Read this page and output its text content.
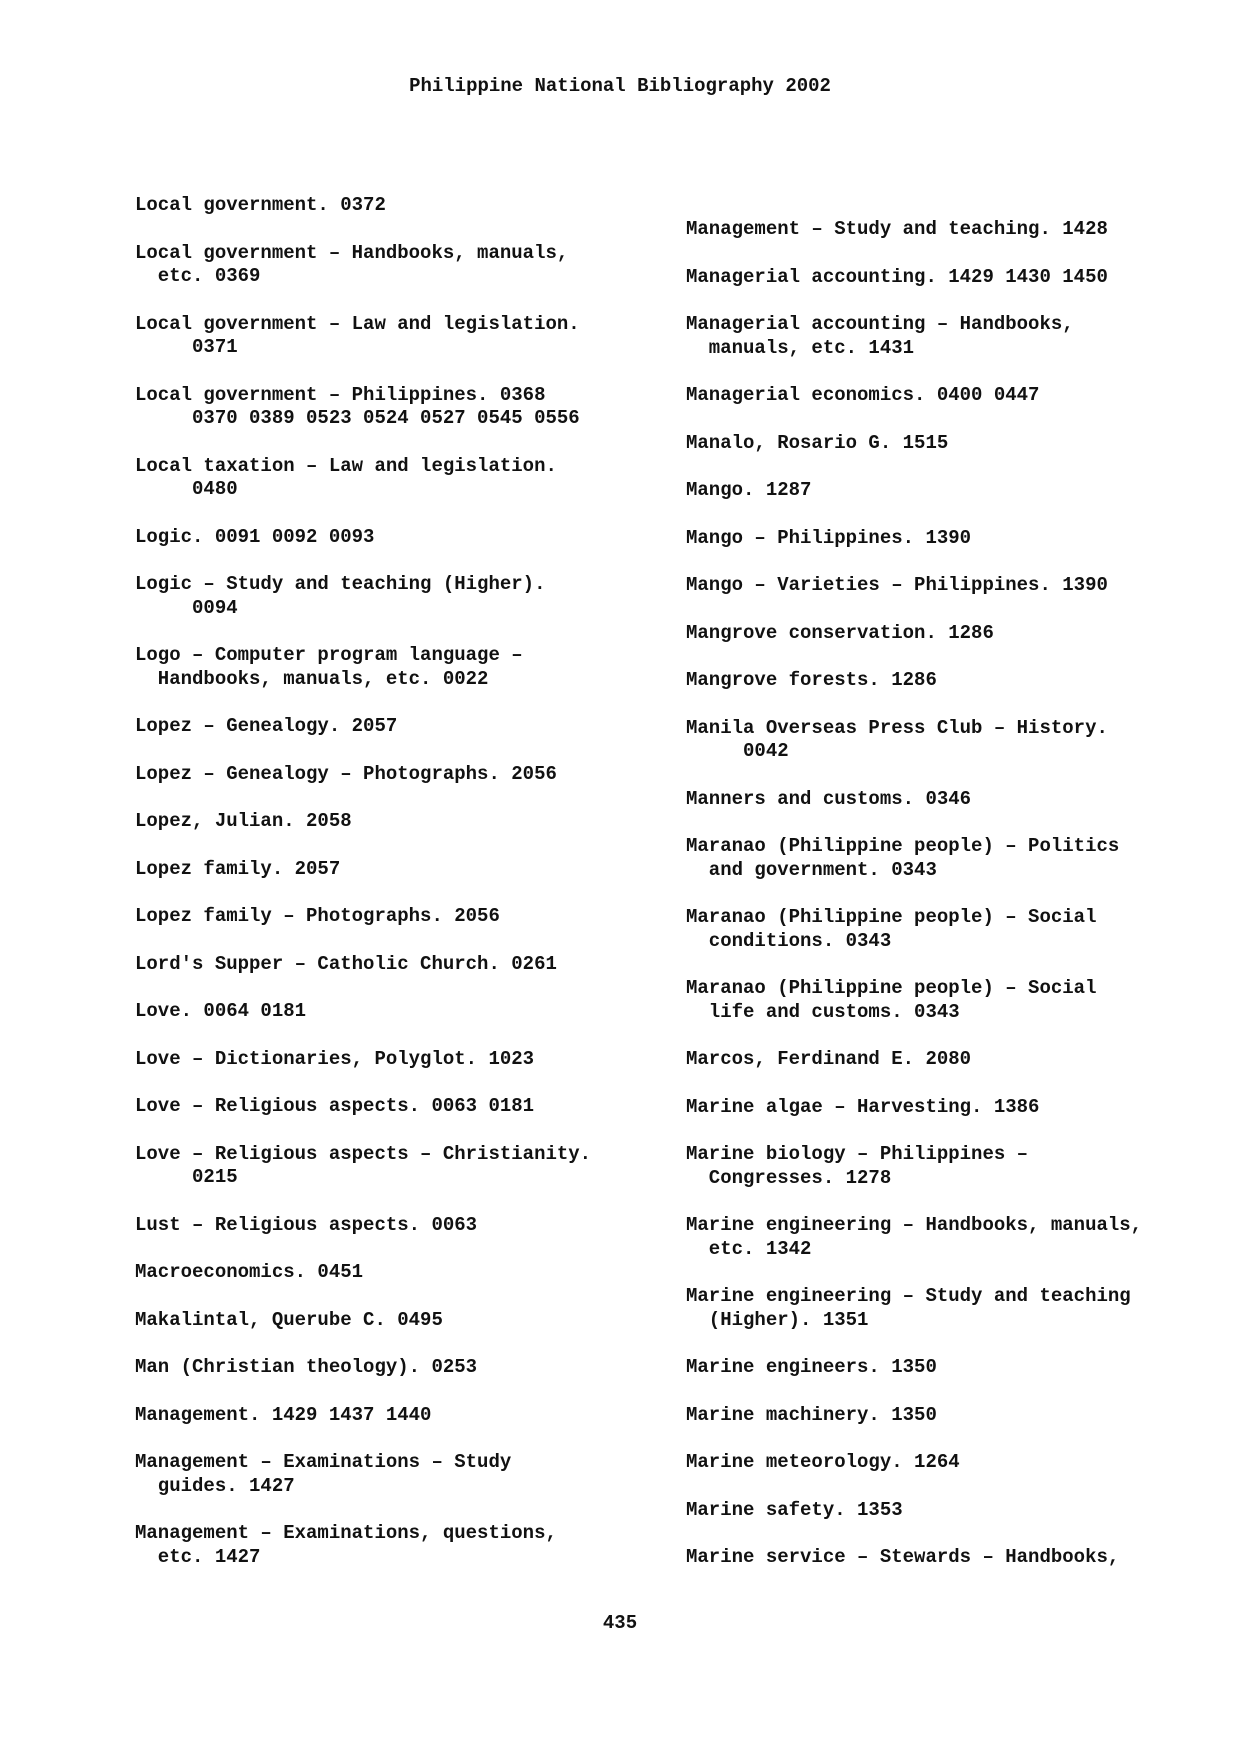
Philippine National Bibliography 2002
Local government. 0372
Local government – Handbooks, manuals,
etc. 0369
Local government – Law and legislation.
0371
Local government – Philippines. 0368
0370 0389 0523 0524 0527 0545 0556
Local taxation – Law and legislation.
0480
Logic. 0091 0092 0093
Logic – Study and teaching (Higher).
0094
Logo – Computer program language –
Handbooks, manuals, etc. 0022
Lopez – Genealogy. 2057
Lopez – Genealogy – Photographs. 2056
Lopez, Julian. 2058
Lopez family. 2057
Lopez family – Photographs. 2056
Lord's Supper – Catholic Church. 0261
Love. 0064 0181
Love – Dictionaries, Polyglot. 1023
Love – Religious aspects. 0063 0181
Love – Religious aspects – Christianity.
0215
Lust – Religious aspects. 0063
Macroeconomics. 0451
Makalintal, Querube C. 0495
Man (Christian theology). 0253
Management. 1429 1437 1440
Management – Examinations – Study
guides. 1427
Management – Examinations, questions,
etc. 1427
Management – Study and teaching. 1428
Managerial accounting. 1429 1430 1450
Managerial accounting – Handbooks,
manuals, etc. 1431
Managerial economics. 0400 0447
Manalo, Rosario G. 1515
Mango. 1287
Mango – Philippines. 1390
Mango – Varieties – Philippines. 1390
Mangrove conservation. 1286
Mangrove forests. 1286
Manila Overseas Press Club – History.
0042
Manners and customs. 0346
Maranao (Philippine people) – Politics
and government. 0343
Maranao (Philippine people) – Social
conditions. 0343
Maranao (Philippine people) – Social
life and customs. 0343
Marcos, Ferdinand E. 2080
Marine algae – Harvesting. 1386
Marine biology – Philippines –
Congresses. 1278
Marine engineering – Handbooks, manuals,
etc. 1342
Marine engineering – Study and teaching
(Higher). 1351
Marine engineers. 1350
Marine machinery. 1350
Marine meteorology. 1264
Marine safety. 1353
Marine service – Stewards – Handbooks,
435
